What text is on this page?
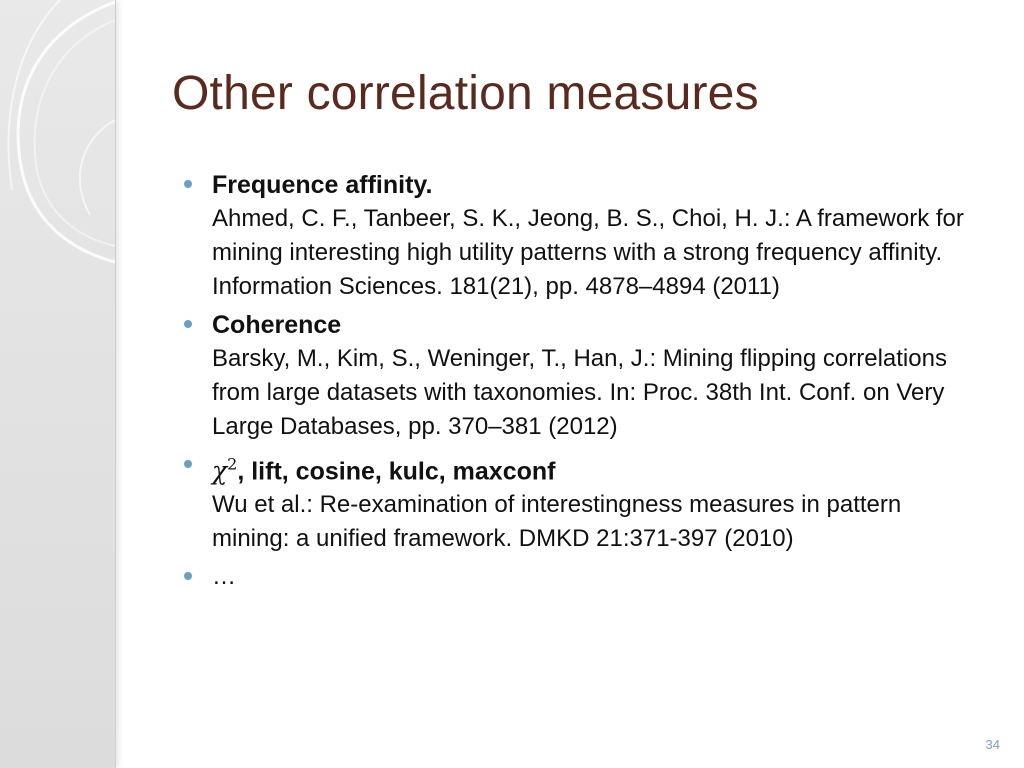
Other correlation measures
Frequence affinity.
Ahmed, C. F., Tanbeer, S. K., Jeong, B. S., Choi, H. J.: A framework for mining interesting high utility patterns with a strong frequency affinity. Information Sciences. 181(21), pp. 4878–4894 (2011)
Coherence
Barsky, M., Kim, S., Weninger, T., Han, J.: Mining flipping correlations from large datasets with taxonomies. In: Proc. 38th Int. Conf. on Very Large Databases, pp. 370–381 (2012)
$\chi^2$, lift, cosine, kulc, maxconf
Wu et al.: Re-examination of interestingness measures in pattern mining: a unified framework. DMKD 21:371-397 (2010)
…
34
